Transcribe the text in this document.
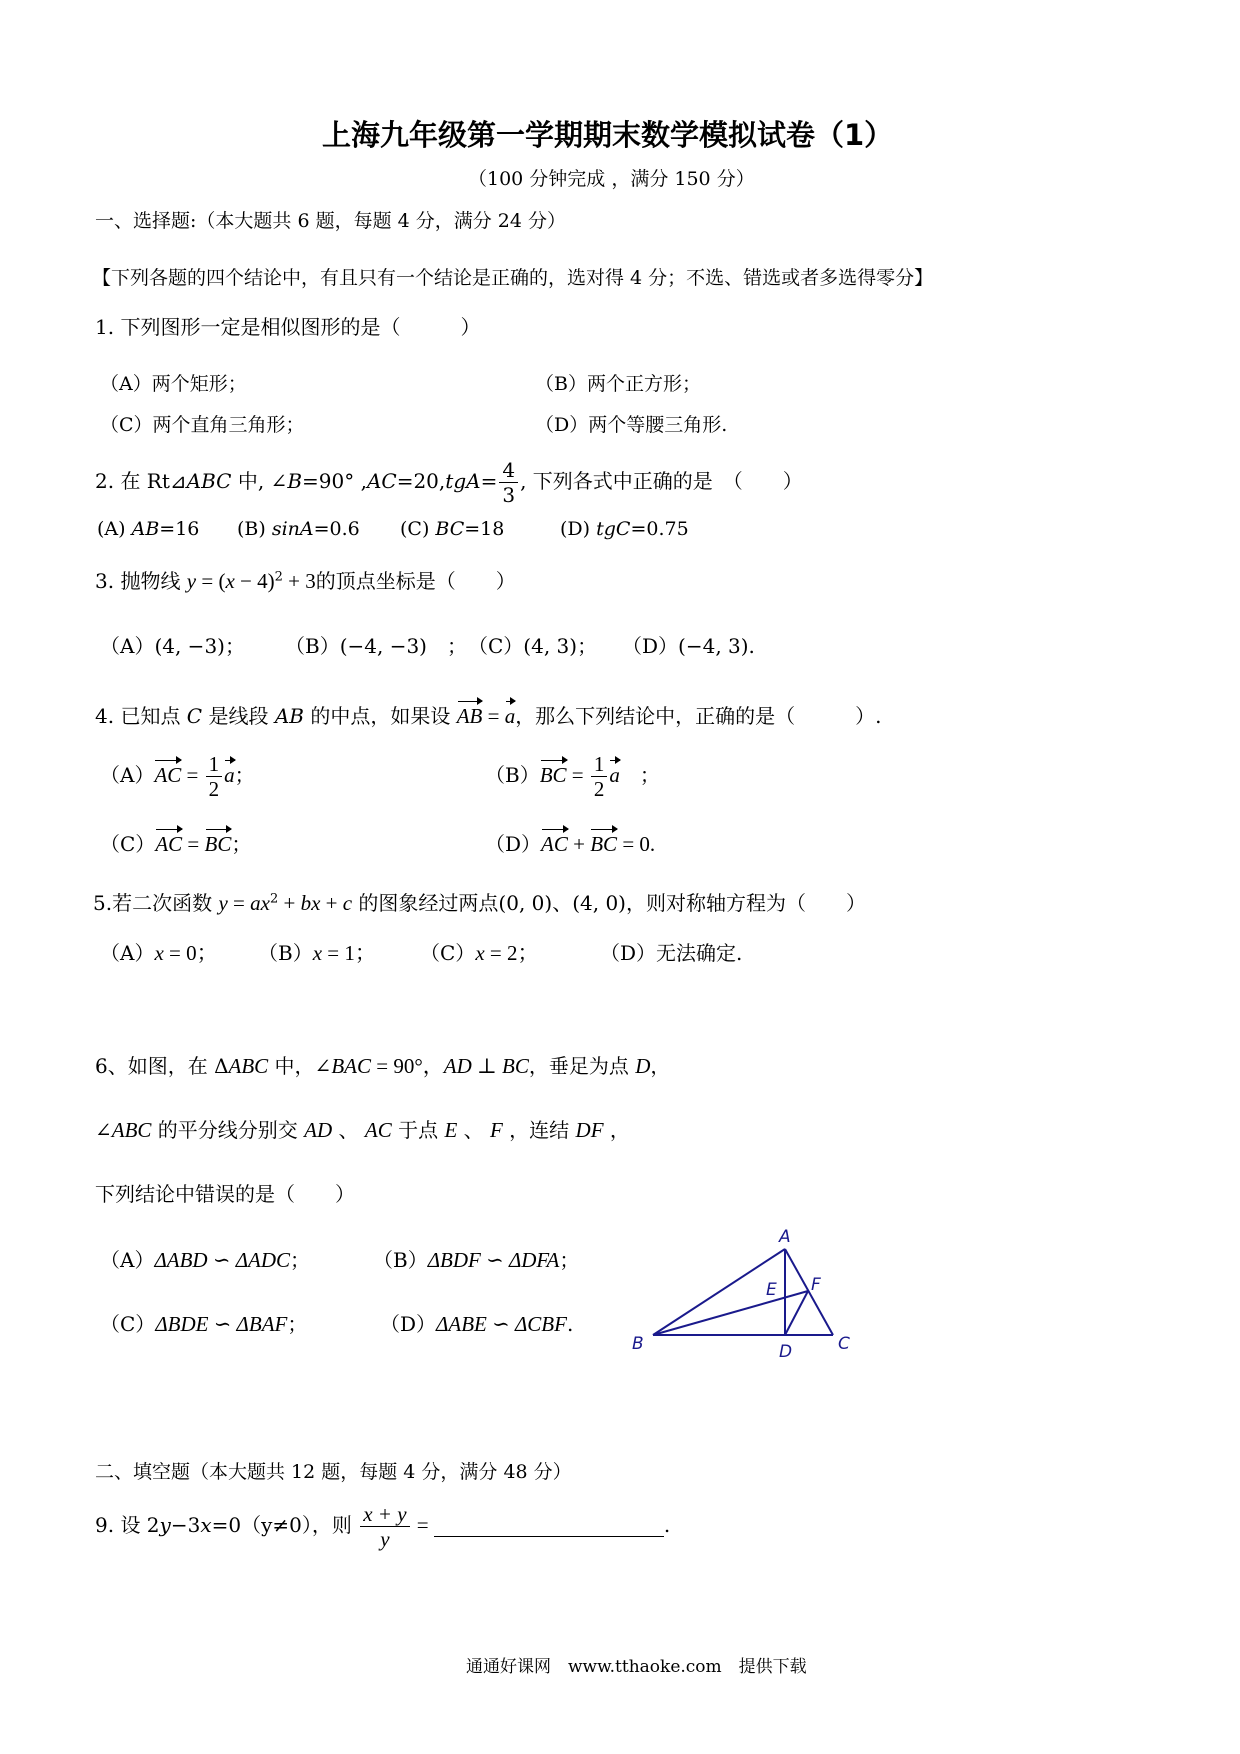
上海九年级第一学期期末数学模拟试卷（1）
（100 分钟完成 ，满分 150 分）
一、选择题:（本大题共 6 题，每题 4 分，满分 24 分）
【下列各题的四个结论中，有且只有一个结论是正确的，选对得 4 分；不选、错选或者多选得零分】
1. 下列图形一定是相似图形的是（　　　）
（A）两个矩形；	（B）两个正方形；
（C）两个直角三角形；	（D）两个等腰三角形.
2. 在 Rt⊿ABC 中, ∠B=90° $,AC=20,tgA= \frac{4}{3}$ , 下列各式中正确的是　（　　）
(A) AB=16 (B) sinA=0.6 (C) BC=18	(D) tgC=0.75
3. 抛物线 $y = (x - 4)^2 + 3$的顶点坐标是（　　）
（A）(4, −3)； （B）(−4, −3)　； （C）(4, 3)； （D）(−4, 3).
4. 已知点 C 是线段 AB 的中点，如果设 AB = a，那么下列结论中，正确的是（　　　）.
$(A)AC = \frac{1}{2}$ a；	$(B)BC = \frac{1}{2}$ a　；
（C）AC = BC；	（D）AC + BC = 0.
5.若二次函数 $y = ax^2$ + bx + c 的图象经过两点(0, 0)、(4, 0)，则对称轴方程为（　　）
（A）x = 0； （B）x = 1； （C）x = 2；	（D）无法确定.
6、如图，在 ΔABC 中，∠BAC = 90°，AD ⊥ BC，垂足为点 D，
∠ABC 的平分线分别交 AD 、 AC 于点 E 、 F ，连结 DF ，
下列结论中错误的是（　　）
（A）ΔABD ∽ ΔADC；	（B）ΔBDF ∽ ΔDFA；
（C）ΔBDE ∽ ΔBAF；	（D）ΔABE ∽ ΔCBF.
A
B	C
D
E F
二、填空题（本大题共 12 题，每题 4 分，满分 48 分）
9. 设 2y−3x=0（y≠0），则 $\frac{x + y}{y}$ =	.
通通好课网　www.tthaoke.com　提供下载
